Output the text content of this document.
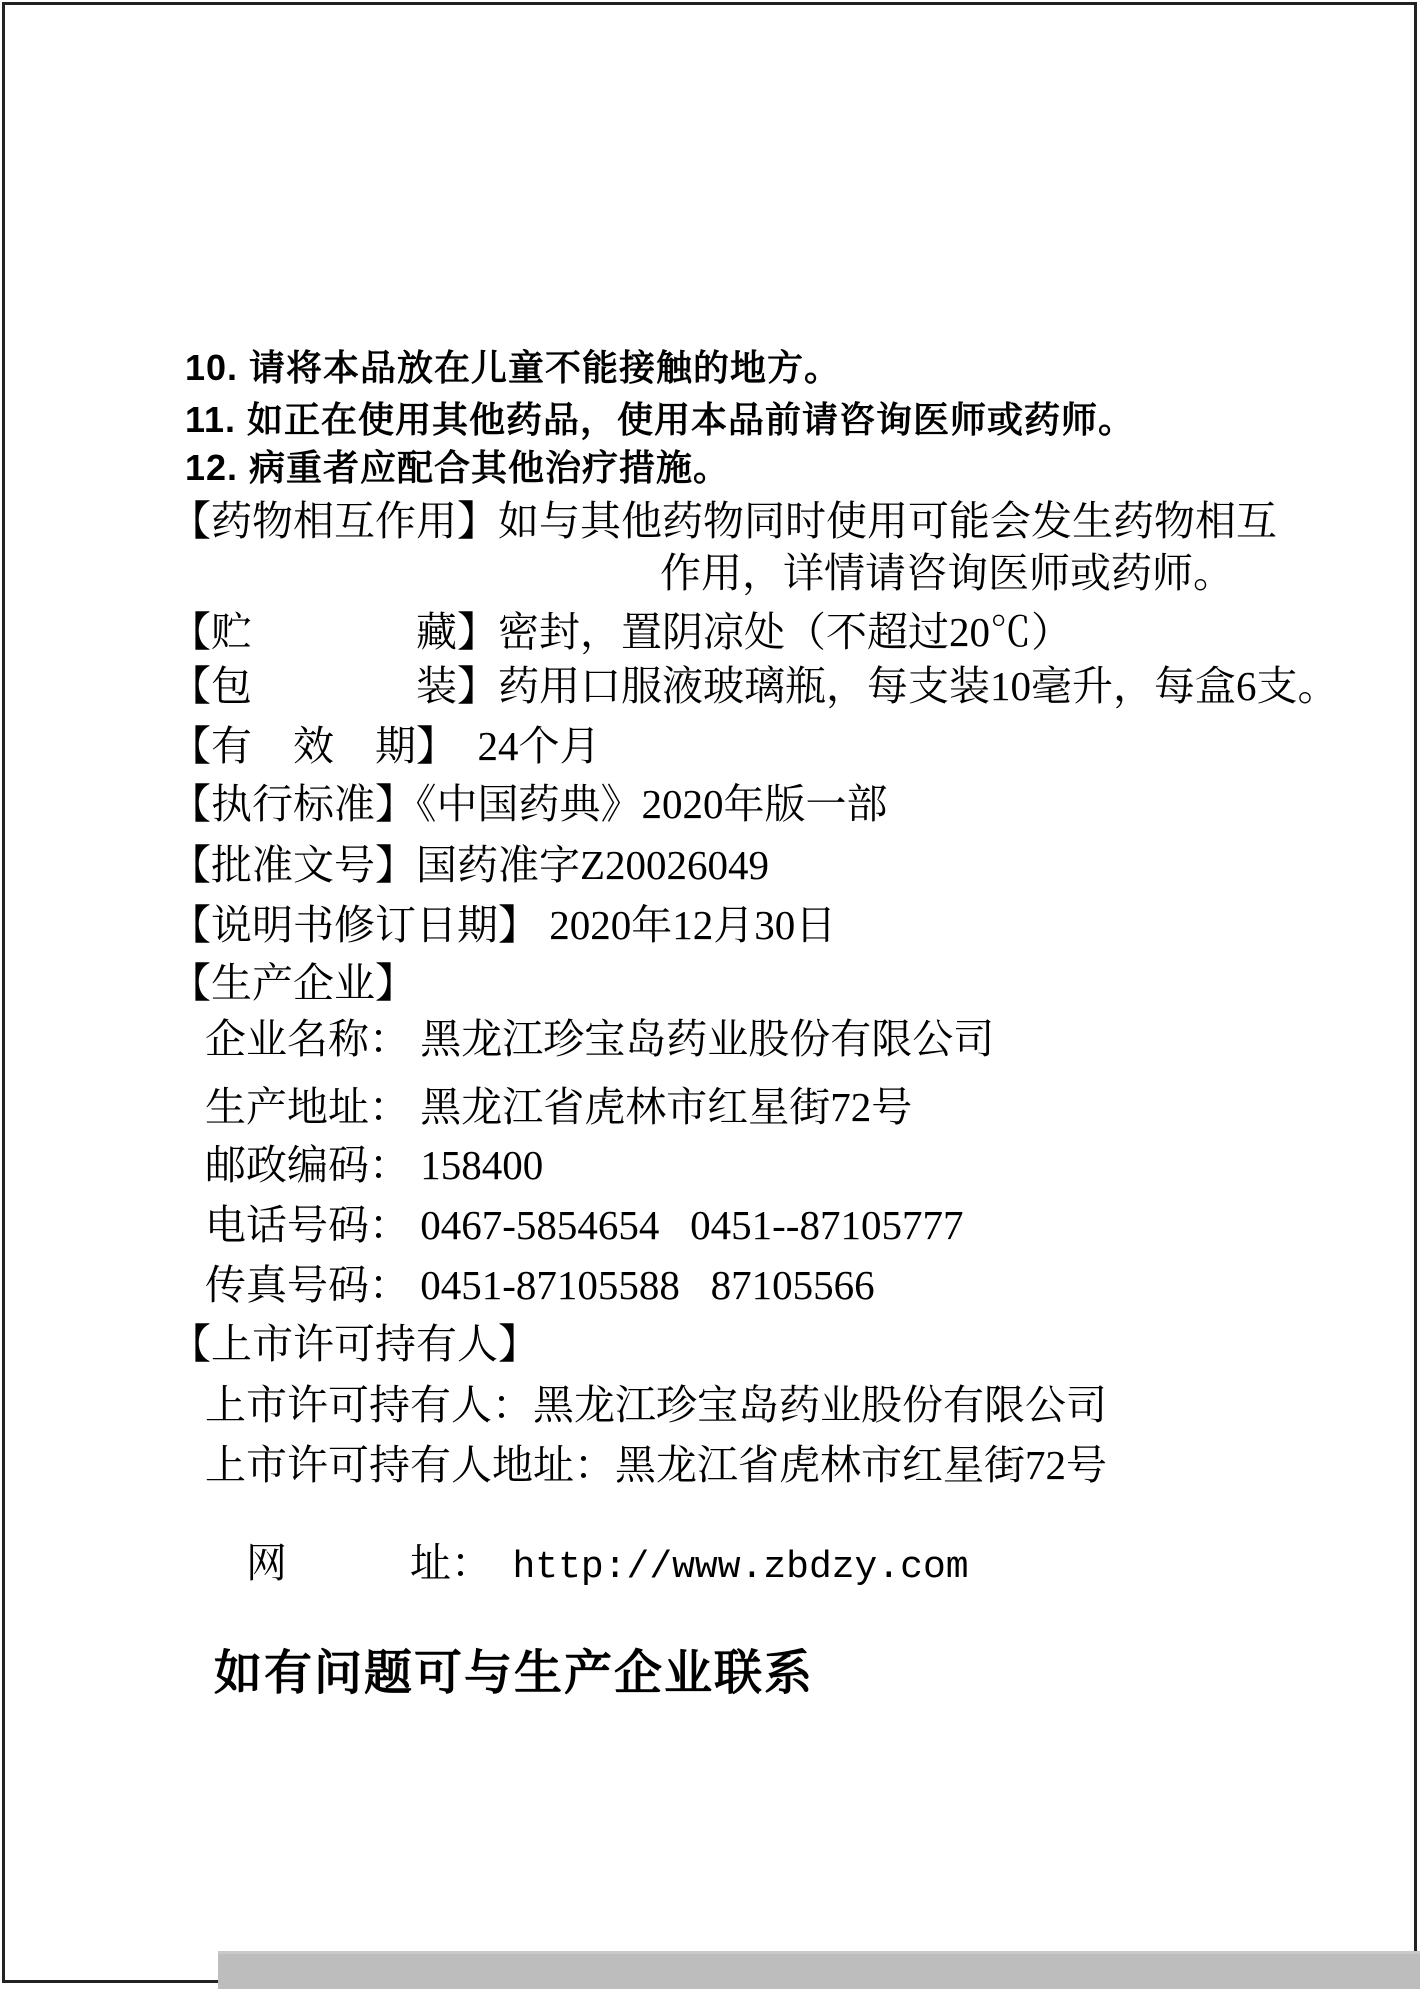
10. 请将本品放在儿童不能接触的地方。
11. 如正在使用其他药品，使用本品前请咨询医师或药师。
12. 病重者应配合其他治疗措施。
【药物相互作用】如与其他药物同时使用可能会发生药物相互
作用，详情请咨询医师或药师。
【贮　　　　藏】密封，置阴凉处（不超过20℃）
【包　　　　装】药用口服液玻璃瓶，每支装10毫升，每盒6支。
【有　效　期】  24个月
【执行标准】《中国药典》2020年版一部
【批准文号】国药准字Z20026049
【说明书修订日期】 2020年12月30日
【生产企业】
企业名称： 黑龙江珍宝岛药业股份有限公司
生产地址： 黑龙江省虎林市红星街72号
邮政编码： 158400
电话号码： 0467-5854654   0451--87105777
传真号码： 0451-87105588   87105566
【上市许可持有人】
上市许可持有人：黑龙江珍宝岛药业股份有限公司
上市许可持有人地址：黑龙江省虎林市红星街72号

网　　　址：  http://www.zbdzy.com

如有问题可与生产企业联系
